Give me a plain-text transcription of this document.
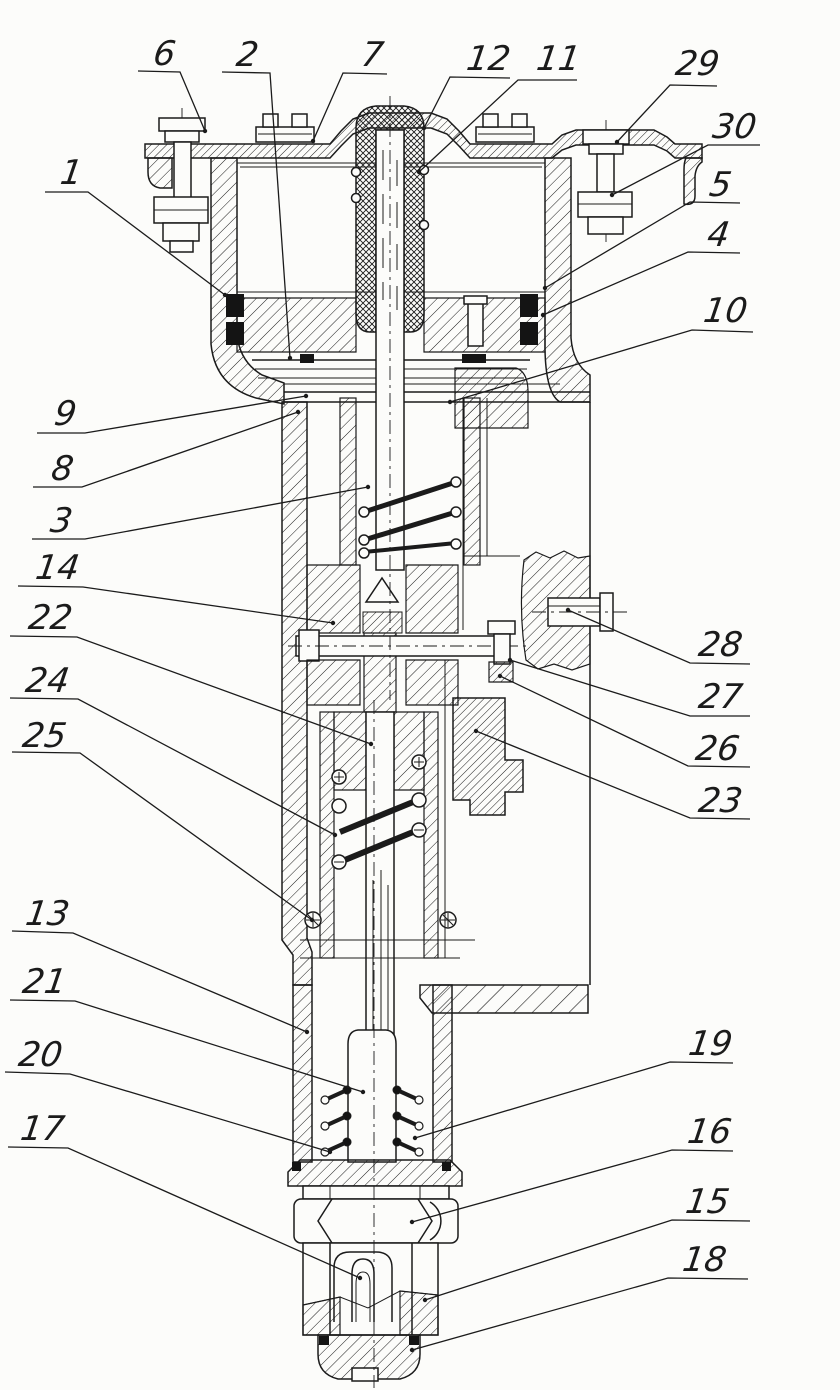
1
2
3
4
5
6	7
8
9
10
11
12
13
14
15
16
17
18
19
20
21
22
23
24
25	26
27
28
29
30
